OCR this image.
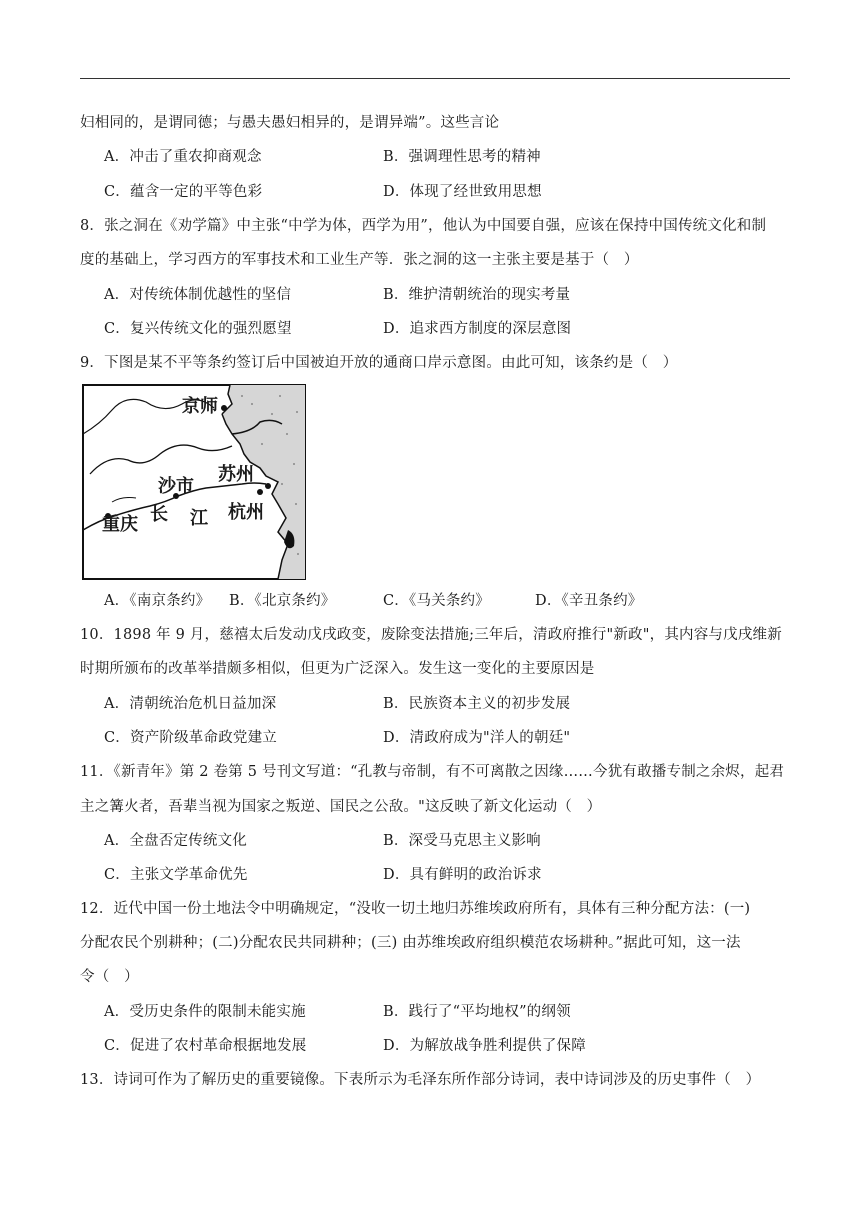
妇相同的，是谓同德；与愚夫愚妇相异的，是谓异端”。这些言论
A．冲击了重农抑商观念	B．强调理性思考的精神
C．蕴含一定的平等色彩	D．体现了经世致用思想
8．张之洞在《劝学篇》中主张“中学为体，西学为用”，他认为中国要自强，应该在保持中国传统文化和制
度的基础上，学习西方的军事技术和工业生产等．张之洞的这一主张主要是基于（　）
A．对传统体制优越性的坚信	B．维护清朝统治的现实考量
C．复兴传统文化的强烈愿望	D．追求西方制度的深层意图
9．下图是某不平等条约签订后中国被迫开放的通商口岸示意图。由此可知，该条约是（　）
京师
苏州
沙市
重庆 长 江 杭州
A．《南京条约》 B．《北京条约》	C．《马关条约》	D．《辛丑条约》
10．1898 年 9 月，慈禧太后发动戊戌政变，废除变法措施;三年后，清政府推行"新政"，其内容与戊戌维新
时期所颁布的改革举措颇多相似，但更为广泛深入。发生这一变化的主要原因是
A．清朝统治危机日益加深	B．民族资本主义的初步发展
C．资产阶级革命政党建立	D．清政府成为"洋人的朝廷"
11．《新青年》第 2 卷第 5 号刊文写道：“孔教与帝制，有不可离散之因缘……今犹有敢播专制之余烬，起君
主之篝火者，吾辈当视为国家之叛逆、国民之公敌。"这反映了新文化运动（　）
A．全盘否定传统文化	B．深受马克思主义影响
C．主张文学革命优先	D．具有鲜明的政治诉求
12．近代中国一份土地法令中明确规定，“没收一切土地归苏维埃政府所有，具体有三种分配方法：(一)
分配农民个别耕种；(二)分配农民共同耕种；(三) 由苏维埃政府组织模范农场耕种。”据此可知，这一法
令（　）
A．受历史条件的限制未能实施	B．践行了“平均地权”的纲领
C．促进了农村革命根据地发展	D．为解放战争胜利提供了保障
13．诗词可作为了解历史的重要镜像。下表所示为毛泽东所作部分诗词，表中诗词涉及的历史事件（　）
